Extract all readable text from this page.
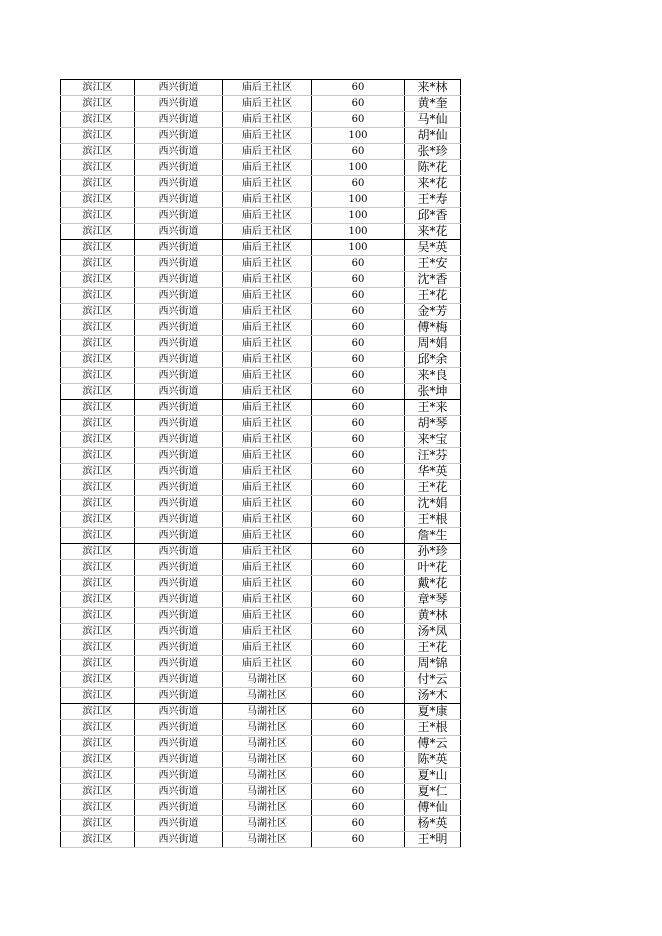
滨江区	西兴街道	庙后王社区	60	来*林
滨江区	西兴街道	庙后王社区	60	黄*奎
滨江区	西兴街道	庙后王社区	60	马*仙
滨江区	西兴街道	庙后王社区	100	胡*仙
滨江区	西兴街道	庙后王社区	60	张*珍
滨江区	西兴街道	庙后王社区	100	陈*花
滨江区	西兴街道	庙后王社区	60	来*花
滨江区	西兴街道	庙后王社区	100	王*寿
滨江区	西兴街道	庙后王社区	100	邱*香
滨江区	西兴街道	庙后王社区	100	来*花
滨江区	西兴街道	庙后王社区	100	吴*英
滨江区	西兴街道	庙后王社区	60	王*安
滨江区	西兴街道	庙后王社区	60	沈*香
滨江区	西兴街道	庙后王社区	60	王*花
滨江区	西兴街道	庙后王社区	60	金*芳
滨江区	西兴街道	庙后王社区	60	傅*梅
滨江区	西兴街道	庙后王社区	60	周*娟
滨江区	西兴街道	庙后王社区	60	邱*余
滨江区	西兴街道	庙后王社区	60	来*良
滨江区	西兴街道	庙后王社区	60	张*坤
滨江区	西兴街道	庙后王社区	60	王*来
滨江区	西兴街道	庙后王社区	60	胡*琴
滨江区	西兴街道	庙后王社区	60	来*宝
滨江区	西兴街道	庙后王社区	60	汪*芬
滨江区	西兴街道	庙后王社区	60	华*英
滨江区	西兴街道	庙后王社区	60	王*花
滨江区	西兴街道	庙后王社区	60	沈*娟
滨江区	西兴街道	庙后王社区	60	王*根
滨江区	西兴街道	庙后王社区	60	詹*生
滨江区	西兴街道	庙后王社区	60	孙*珍
滨江区	西兴街道	庙后王社区	60	叶*花
滨江区	西兴街道	庙后王社区	60	戴*花
滨江区	西兴街道	庙后王社区	60	章*琴
滨江区	西兴街道	庙后王社区	60	黄*林
滨江区	西兴街道	庙后王社区	60	汤*凤
滨江区	西兴街道	庙后王社区	60	王*花
滨江区	西兴街道	庙后王社区	60	周*锦
滨江区	西兴街道	马湖社区	60	付*云
滨江区	西兴街道	马湖社区	60	汤*木
滨江区	西兴街道	马湖社区	60	夏*康
滨江区	西兴街道	马湖社区	60	王*根
滨江区	西兴街道	马湖社区	60	傅*云
滨江区	西兴街道	马湖社区	60	陈*英
滨江区	西兴街道	马湖社区	60	夏*山
滨江区	西兴街道	马湖社区	60	夏*仁
滨江区	西兴街道	马湖社区	60	傅*仙
滨江区	西兴街道	马湖社区	60	杨*英
滨江区	西兴街道	马湖社区	60	王*明
